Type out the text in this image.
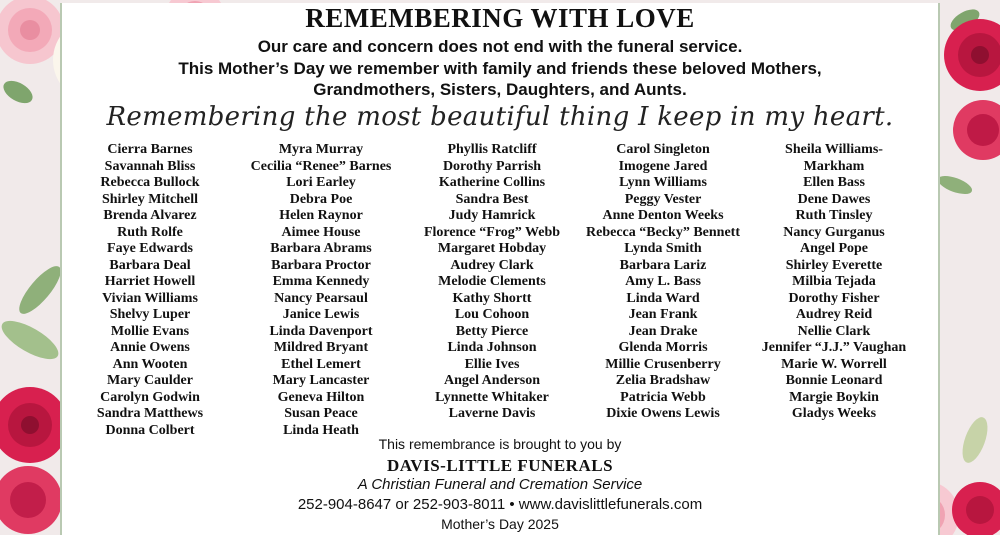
REMEMBERING WITH LOVE

Our care and concern does not end with the funeral service.

This Mother’s Day we remember with family and friends these beloved Mothers,

Grandmothers, Sisters, Daughters, and Aunts.

Remembering the most beautiful thing I keep in my heart.

Cierra Barnes
Savannah Bliss
Rebecca Bullock
Shirley Mitchell
Brenda Alvarez
Ruth Rolfe
Faye Edwards
Barbara Deal
Harriet Howell
Vivian Williams
Shelvy Luper
Mollie Evans
Annie Owens
Ann Wooten
Mary Caulder
Carolyn Godwin
Sandra Matthews
Donna Colbert
Myra Murray
Cecilia “Renee” Barnes
Lori Earley
Debra Poe
Helen Raynor
Aimee House
Barbara Abrams
Barbara Proctor
Emma Kennedy
Nancy Pearsaul
Janice Lewis
Linda Davenport
Mildred Bryant
Ethel Lemert
Mary Lancaster
Geneva Hilton
Susan Peace
Linda Heath
Phyllis Ratcliff
Dorothy Parrish
Katherine Collins
Sandra Best
Judy Hamrick
Florence “Frog” Webb
Margaret Hobday
Audrey Clark
Melodie Clements
Kathy Shortt
Lou Cohoon
Betty Pierce
Linda Johnson
Ellie Ives
Angel Anderson
Lynnette Whitaker
Laverne Davis
Carol Singleton
Imogene Jared
Lynn Williams
Peggy Vester
Anne Denton Weeks
Rebecca “Becky” Bennett
Lynda Smith
Barbara Lariz
Amy L. Bass
Linda Ward
Jean Frank
Jean Drake
Glenda Morris
Millie Crusenberry
Zelia Bradshaw
Patricia Webb
Dixie Owens Lewis
Sheila Williams-
Markham
Ellen Bass
Dene Dawes
Ruth Tinsley
Nancy Gurganus
Angel Pope
Shirley Everette
Milbia Tejada
Dorothy Fisher
Audrey Reid
Nellie Clark
Jennifer “J.J.” Vaughan
Marie W. Worrell
Bonnie Leonard
Margie Boykin
Gladys Weeks

This remembrance is brought to you by

DAVIS-LITTLE FUNERALS

A Christian Funeral and Cremation Service

252-904-8647 or 252-903-8011 • www.davislittlefunerals.com

Mother’s Day 2025
